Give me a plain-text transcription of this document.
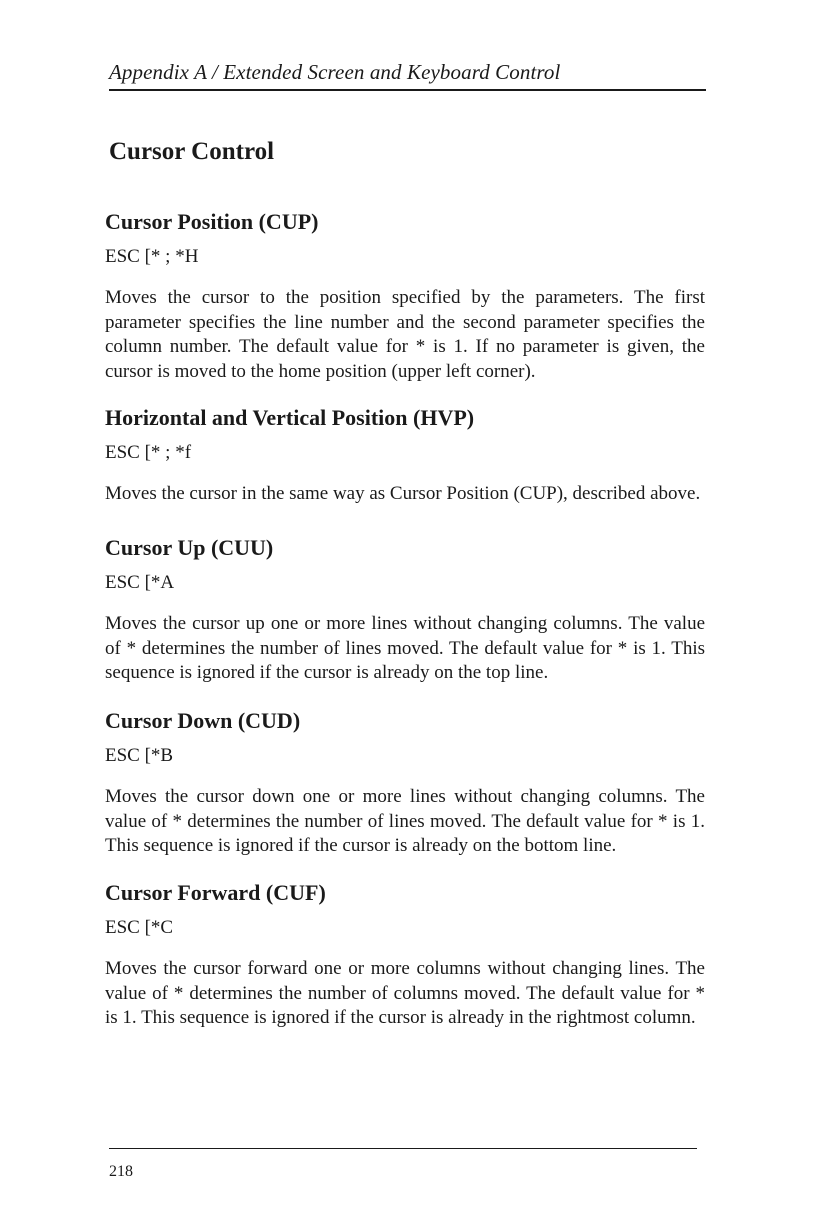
Appendix A / Extended Screen and Keyboard Control
Cursor Control
Cursor Position (CUP)
ESC [* ; *H

Moves the cursor to the position specified by the parameters. The first parameter specifies the line number and the second parameter specifies the column number. The default value for * is 1. If no parameter is given, the cursor is moved to the home position (upper left corner).

Horizontal and Vertical Position (HVP)
ESC [* ; *f

Moves the cursor in the same way as Cursor Position (CUP), described above.

Cursor Up (CUU)
ESC [*A

Moves the cursor up one or more lines without changing columns. The value of * determines the number of lines moved. The default value for * is 1. This sequence is ignored if the cursor is already on the top line.

Cursor Down (CUD)
ESC [*B

Moves the cursor down one or more lines without changing columns. The value of * determines the number of lines moved. The default value for * is 1. This sequence is ignored if the cursor is already on the bottom line.

Cursor Forward (CUF)
ESC [*C

Moves the cursor forward one or more columns without changing lines. The value of * determines the number of columns moved. The default value for * is 1. This sequence is ignored if the cursor is already in the rightmost column.

218
